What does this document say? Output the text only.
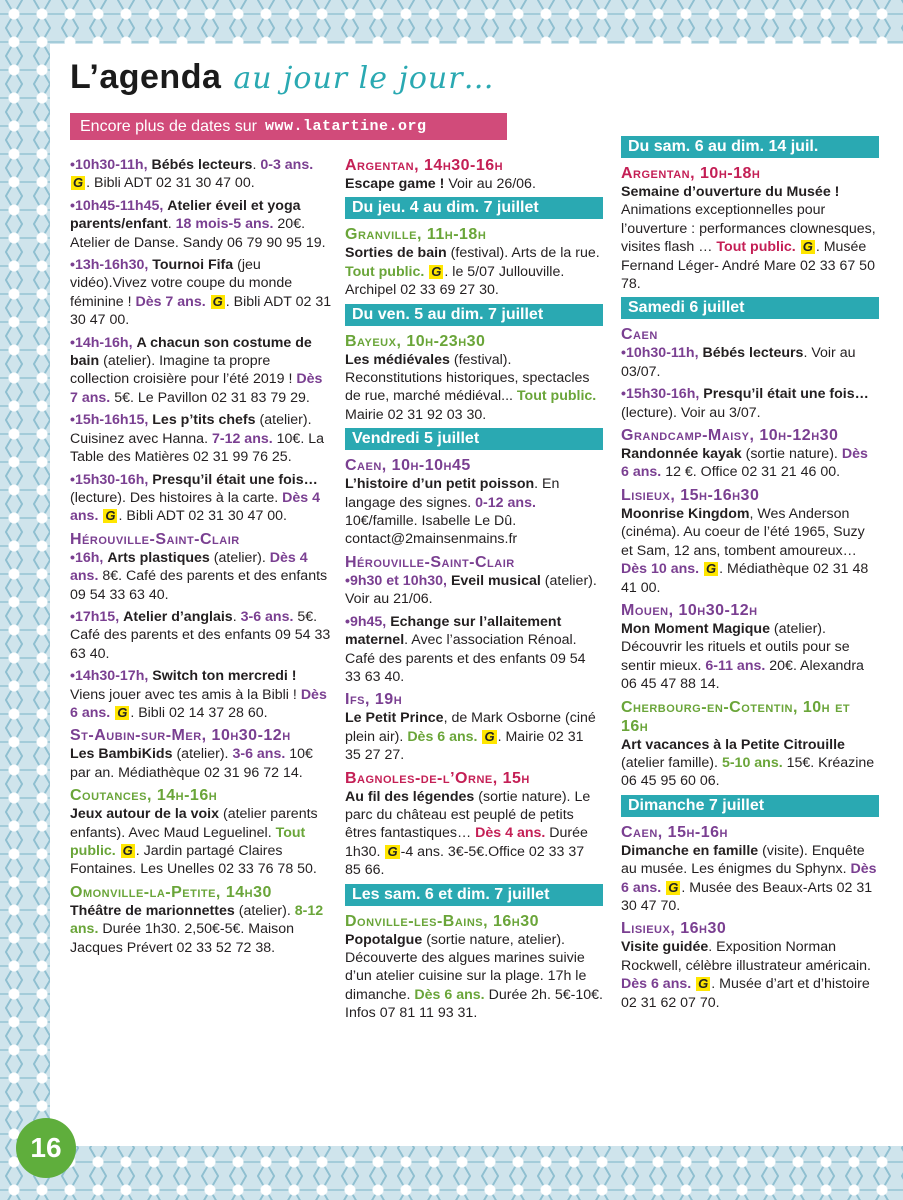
L’agenda au jour le jour…
Encore plus de dates sur www.latartine.org
•10h30-11h, Bébés lecteurs. 0-3 ans. G . Bibli ADT 02 31 30 47 00.
•10h45-11h45, Atelier éveil et yoga parents/enfant. 18 mois-5 ans. 20€. Atelier de Danse. Sandy 06 79 90 95 19.
•13h-16h30, Tournoi Fifa (jeu vidéo).Vivez votre coupe du monde féminine ! Dès 7 ans. G . Bibli ADT 02 31 30 47 00.
•14h-16h, A chacun son costume de bain (atelier). Imagine ta propre collection croisière pour l’été 2019 ! Dès 7 ans. 5€. Le Pavillon 02 31 83 79 29.
•15h-16h15, Les p’tits chefs (atelier). Cuisinez avec Hanna. 7-12 ans. 10€. La Table des Matières 02 31 99 76 25.
•15h30-16h, Presqu’il était une fois… (lecture). Des histoires à la carte. Dès 4 ans. G . Bibli ADT 02 31 30 47 00.
Hérouville-Saint-Clair
•16h, Arts plastiques (atelier). Dès 4 ans. 8€. Café des parents et des enfants 09 54 33 63 40.
•17h15, Atelier d’anglais. 3-6 ans. 5€. Café des parents et des enfants 09 54 33 63 40.
•14h30-17h, Switch ton mercredi ! Viens jouer avec tes amis à la Bibli ! Dès 6 ans. G . Bibli 02 14 37 28 60.
St-Aubin-sur-Mer, 10h30-12h
Les BambiKids (atelier). 3-6 ans. 10€ par an. Médiathèque 02 31 96 72 14.
Coutances, 14h-16h
Jeux autour de la voix (atelier parents enfants). Avec Maud Leguelinel. Tout public. G . Jardin partagé Claires Fontaines. Les Unelles 02 33 76 78 50.
Omonville-la-Petite, 14h30
Théâtre de marionnettes (atelier). 8-12 ans. Durée 1h30. 2,50€-5€. Maison Jacques Prévert 02 33 52 72 38.
Argentan, 14h30-16h
Escape game ! Voir au 26/06.
Du jeu. 4 au dim. 7 juillet
Granville, 11h-18h
Sorties de bain (festival). Arts de la rue. Tout public. G . le 5/07 Jullouville. Archipel 02 33 69 27 30.
Du ven. 5 au dim. 7 juillet
Bayeux, 10h-23h30
Les médiévales (festival). Reconstitutions historiques, spectacles de rue, marché médiéval... Tout public. Mairie 02 31 92 03 30.
Vendredi 5 juillet
Caen, 10h-10h45
L’histoire d’un petit poisson. En langage des signes. 0-12 ans. 10€/famille. Isabelle Le Dû. contact@2mainsenmains.fr
Hérouville-Saint-Clair
•9h30 et 10h30, Eveil musical (atelier). Voir au 21/06.
•9h45, Echange sur l’allaitement maternel. Avec l’association Rénoal. Café des parents et des enfants 09 54 33 63 40.
Ifs, 19h
Le Petit Prince, de Mark Osborne (ciné plein air). Dès 6 ans. G . Mairie 02 31 35 27 27.
Bagnoles-de-l’Orne, 15h
Au fil des légendes (sortie nature). Le parc du château est peuplé de petits êtres fantastiques… Dès 4 ans. Durée 1h30. G -4 ans. 3€-5€.Office 02 33 37 85 66.
Les sam. 6 et dim. 7 juillet
Donville-les-Bains, 16h30
Popotalgue (sortie nature, atelier). Découverte des algues marines suivie d’un atelier cuisine sur la plage. 17h le dimanche. Dès 6 ans. Durée 2h. 5€-10€. Infos 07 81 11 93 31.
Du sam. 6 au dim. 14 juil.
Argentan, 10h-18h
Semaine d’ouverture du Musée ! Animations exceptionnelles pour l’ouverture : performances clownesques, visites flash … Tout public. G . Musée Fernand Léger- André Mare 02 33 67 50 78.
Samedi 6 juillet
Caen
•10h30-11h, Bébés lecteurs. Voir au 03/07.
•15h30-16h, Presqu’il était une fois… (lecture). Voir au 3/07.
Grandcamp-Maisy, 10h-12h30
Randonnée kayak (sortie nature). Dès 6 ans. 12 €. Office 02 31 21 46 00.
Lisieux, 15h-16h30
Moonrise Kingdom, Wes Anderson (cinéma). Au coeur de l’été 1965, Suzy et Sam, 12 ans, tombent amoureux… Dès 10 ans. G . Médiathèque 02 31 48 41 00.
Mouen, 10h30-12h
Mon Moment Magique (atelier). Découvrir les rituels et outils pour se sentir mieux. 6-11 ans. 20€. Alexandra 06 45 47 88 14.
Cherbourg-en-Cotentin, 10h et 16h
Art vacances à la Petite Citrouille (atelier famille). 5-10 ans. 15€. Kréazine 06 45 95 60 06.
Dimanche 7 juillet
Caen, 15h-16h
Dimanche en famille (visite). Enquête au musée. Les énigmes du Sphynx. Dès 6 ans. G . Musée des Beaux-Arts 02 31 30 47 70.
Lisieux, 16h30
Visite guidée. Exposition Norman Rockwell, célèbre illustrateur américain. Dès 6 ans. G . Musée d’art et d’histoire 02 31 62 07 70.
16
